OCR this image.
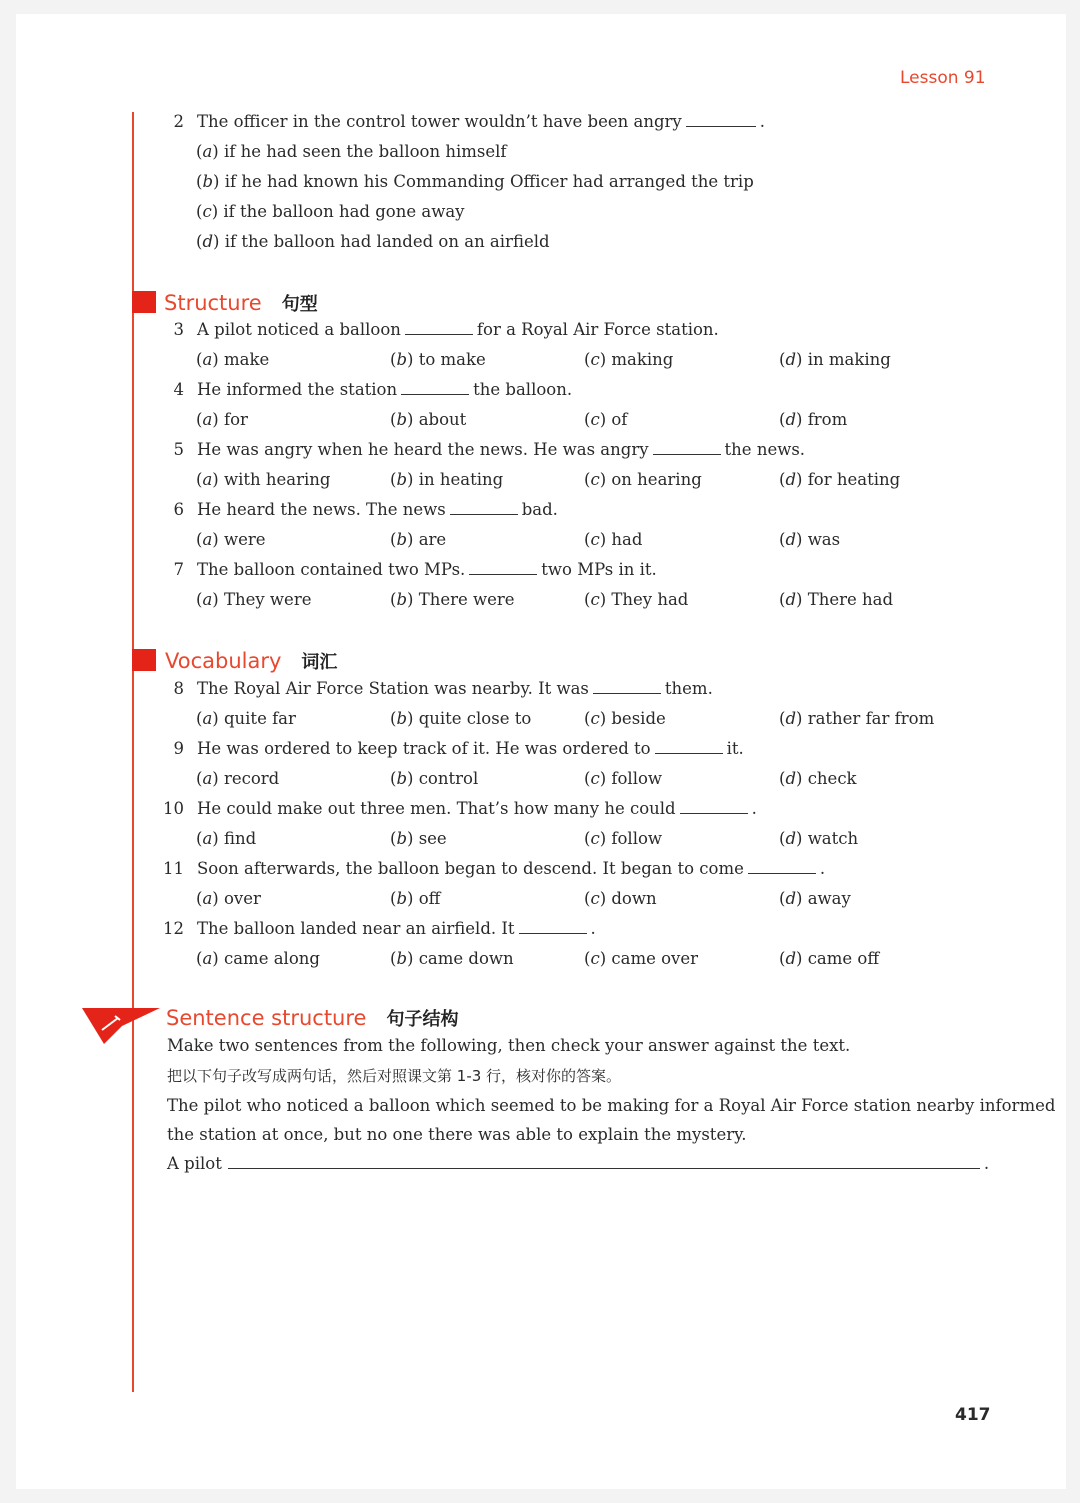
Lesson 91
2 The officer in the control tower wouldn’t have been angry	.
(a) if he had seen the balloon himself
(b) if he had known his Commanding Officer had arranged the trip
(c) if the balloon had gone away
(d) if the balloon had landed on an airfield
Structure 句型
3 A pilot noticed a balloon	for a Royal Air Force station.
(a) make	(b) to make	(c) making	(d) in making
4 He informed the station	the balloon.
(a) for	(b) about	(c) of	(d) from
5 He was angry when he heard the news. He was angry	the news.
(a) with hearing	(b) in heating	(c) on hearing	(d) for heating
6 He heard the news. The news	bad.
(a) were	(b) are	(c) had	(d) was
7 The balloon contained two MPs.	two MPs in it.
(a) They were	(b) There were	(c) They had	(d) There had
Vocabulary 词汇
8 The Royal Air Force Station was nearby. It was	them.
(a) quite far	(b) quite close to	(c) beside	(d) rather far from
9 He was ordered to keep track of it. He was ordered to	it.
(a) record	(b) control	(c) follow	(d) check
10 He could make out three men. That’s how many he could	.
(a) find	(b) see	(c) follow	(d) watch
11 Soon afterwards, the balloon began to descend. It began to come	.
(a) over	(b) off	(c) down	(d) away
12 The balloon landed near an airfield. It	.
(a) came along	(b) came down	(c) came over	(d) came off
Sentence structure 句子结构
Make two sentences from the following, then check your answer against the text.
把以下句子改写成两句话，然后对照课文第 1-3 行，核对你的答案。
The pilot who noticed a balloon which seemed to be making for a Royal Air Force station nearby informed
the station at once, but no one there was able to explain the mystery.
A pilot	.
417
